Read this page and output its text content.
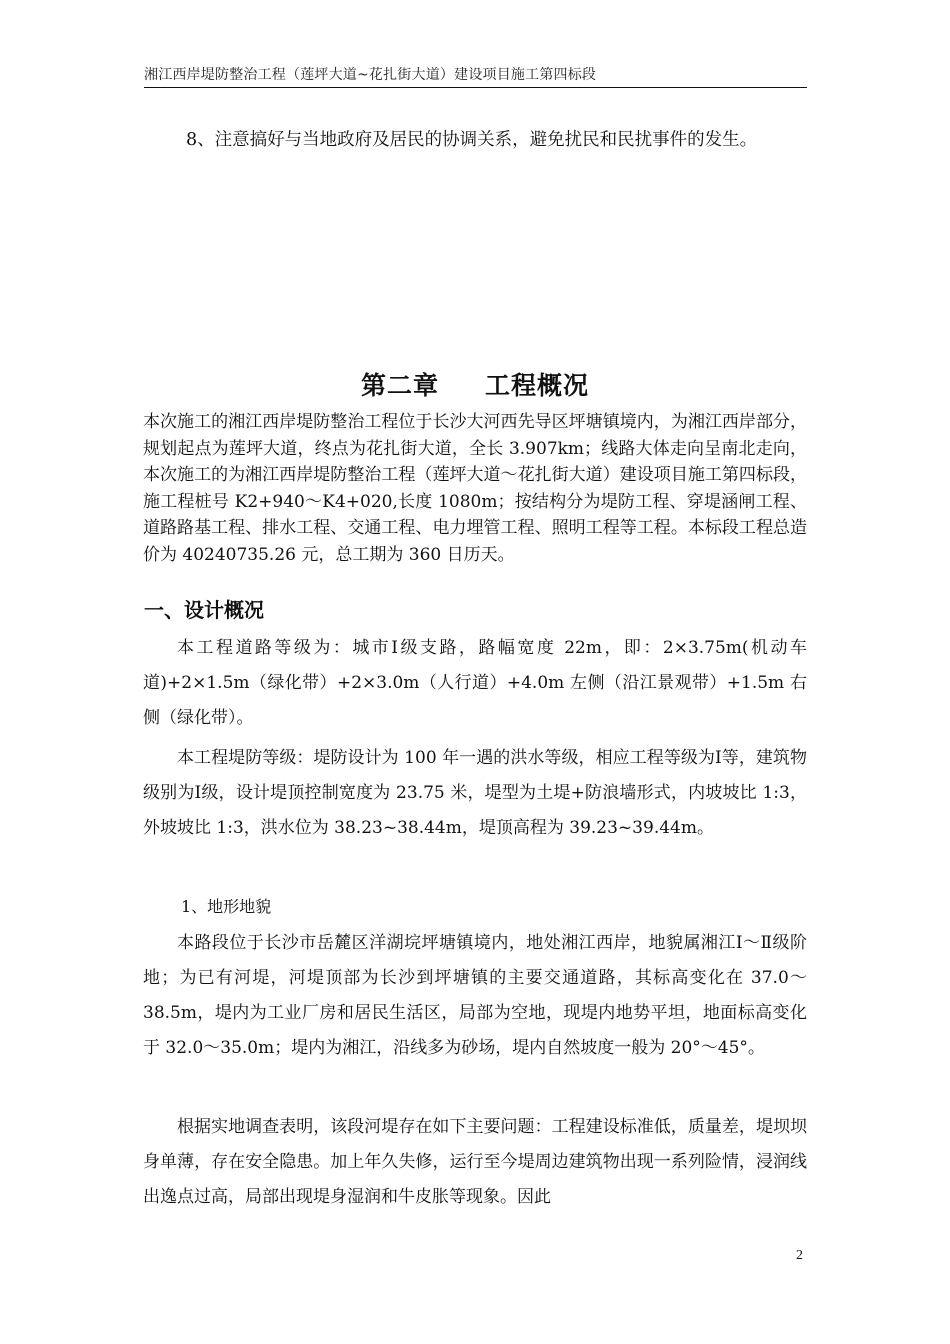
湘江西岸堤防整治工程（莲坪大道~花扎街大道）建设项目施工第四标段

8、注意搞好与当地政府及居民的协调关系，避免扰民和民扰事件的发生。

第二章 工程概况

本次施工的湘江西岸堤防整治工程位于长沙大河西先导区坪塘镇境内，为湘江西岸部分，规划起点为莲坪大道，终点为花扎街大道，全长 3.907km；线路大体走向呈南北走向，本次施工的为湘江西岸堤防整治工程（莲坪大道～花扎街大道）建设项目施工第四标段，施工程桩号 K2+940～K4+020,长度 1080m；按结构分为堤防工程、穿堤涵闸工程、道路路基工程、排水工程、交通工程、电力埋管工程、照明工程等工程。本标段工程总造价为 40240735.26 元，总工期为 360 日历天。

一、设计概况

本工程道路等级为：城市Ⅰ级支路，路幅宽度 22m，即：2×3.75m(机动车道)+2×1.5m（绿化带）+2×3.0m（人行道）+4.0m 左侧（沿江景观带）+1.5m 右侧（绿化带）。

本工程堤防等级：堤防设计为 100 年一遇的洪水等级，相应工程等级为Ⅰ等，建筑物级别为Ⅰ级，设计堤顶控制宽度为 23.75 米，堤型为土堤+防浪墙形式，内坡坡比 1:3，外坡坡比 1:3，洪水位为 38.23~38.44m，堤顶高程为 39.23~39.44m。

1、地形地貌

本路段位于长沙市岳麓区洋湖垸坪塘镇境内，地处湘江西岸，地貌属湘江Ⅰ～Ⅱ级阶地；为已有河堤，河堤顶部为长沙到坪塘镇的主要交通道路，其标高变化在 37.0～38.5m，堤内为工业厂房和居民生活区，局部为空地，现堤内地势平坦，地面标高变化于 32.0～35.0m；堤内为湘江，沿线多为砂场，堤内自然坡度一般为 20°～45°。

根据实地调查表明，该段河堤存在如下主要问题：工程建设标准低，质量差，堤坝坝身单薄，存在安全隐患。加上年久失修，运行至今堤周边建筑物出现一系列险情，浸润线出逸点过高，局部出现堤身湿润和牛皮胀等现象。因此

2
